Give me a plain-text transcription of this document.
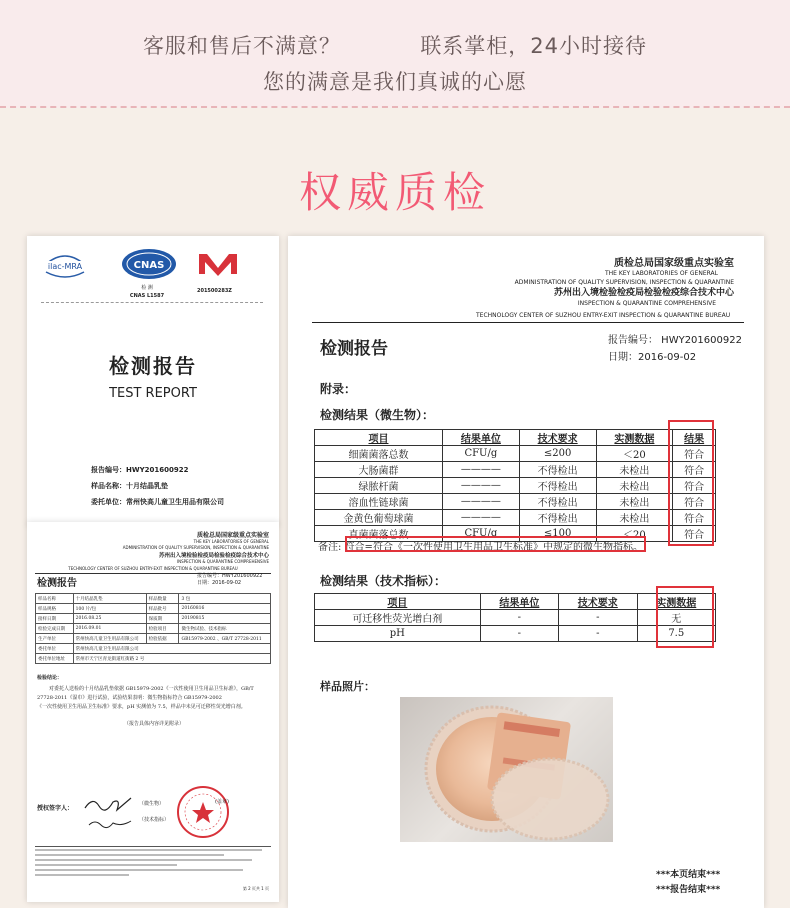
客服和售后不满意？	联系掌柜，24小时接待
您的满意是我们真诚的心愿
权威质检
ilac-MRA	CNAS
检 测
CNAS L1587
201500283Z
检测报告
TEST REPORT
报告编号：HWY201600922
样品名称：十月结晶乳垫
委托单位：常州快高儿童卫生用品有限公司
质检总局国家级重点实验室
THE KEY LABORATORIES OF GENERAL
ADMINISTRATION OF QUALITY SUPERVISION, INSPECTION & QUARANTINE
苏州出入境检验检疫局检验检疫综合技术中心
INSPECTION & QUARANTINE COMPREHENSIVE
TECHNOLOGY CENTER OF SUZHOU ENTRY-EXIT INSPECTION & QUARANTINE BUREAU
检测报告
报告编号：HWY201600922
日期：2016-09-02
样品名称	十月结晶乳垫	样品数量	3 包
样品规格	100 片/包	样品批号	20160816
接样日期	2016.08.25	保质期	20190815
检验完成日期	2016.09.01	检验项目	微生物试验、技术指标
生产单位	常州快高儿童卫生用品有限公司	检验依据	GB15979-2002 、GB/T 27728-2011
委托单位	常州快高儿童卫生用品有限公司		
委托单位地址	常州市天宁区青龙街道红街路 2 号		
检验结论：
对委托人送检的十月结晶乳垫依据 GB15979-2002《一次性使用卫生用品卫生标准》，GB/T 27728-2011《湿巾》进行试验，试验结果表明：微生物指标符合 GB15979-2002
《一次性使用卫生用品卫生标准》要求，pH 实测值为 7.5，样品中未见可迁移性荧光增白剂。
（报告具体内容详见附录）
授权签字人：
（微生物）
（技术指标）
(盖章)
第 2 页共 1 页
质检总局国家级重点实验室
THE KEY LABORATORIES OF GENERAL
ADMINISTRATION OF QUALITY SUPERVISION, INSPECTION & QUARANTINE
苏州出入境检验检疫局检验检疫综合技术中心
INSPECTION & QUARANTINE COMPREHENSIVE
TECHNOLOGY CENTER OF SUZHOU ENTRY-EXIT INSPECTION & QUARANTINE BUREAU
检测报告	报告编号： HWY201600922
日期：2016-09-02
附录：
检测结果（微生物）：
项目	结果单位	技术要求	实测数据	结果
细菌菌落总数	CFU/g	≤200	＜20	符合
大肠菌群	————	不得检出	未检出	符合
绿脓杆菌	————	不得检出	未检出	符合
溶血性链球菌	————	不得检出	未检出	符合
金黄色葡萄球菌	————	不得检出	未检出	符合
真菌菌落总数	CFU/g	≤100	＜20	符合
备注: 符合=符合《一次性使用卫生用品卫生标准》中规定的微生物指标。
检测结果（技术指标）：
项目	结果单位	技术要求	实测数据
可迁移性荧光增白剂	-	-	无
pH	-	-	7.5
样品照片：
***本页结束***
***报告结束***
